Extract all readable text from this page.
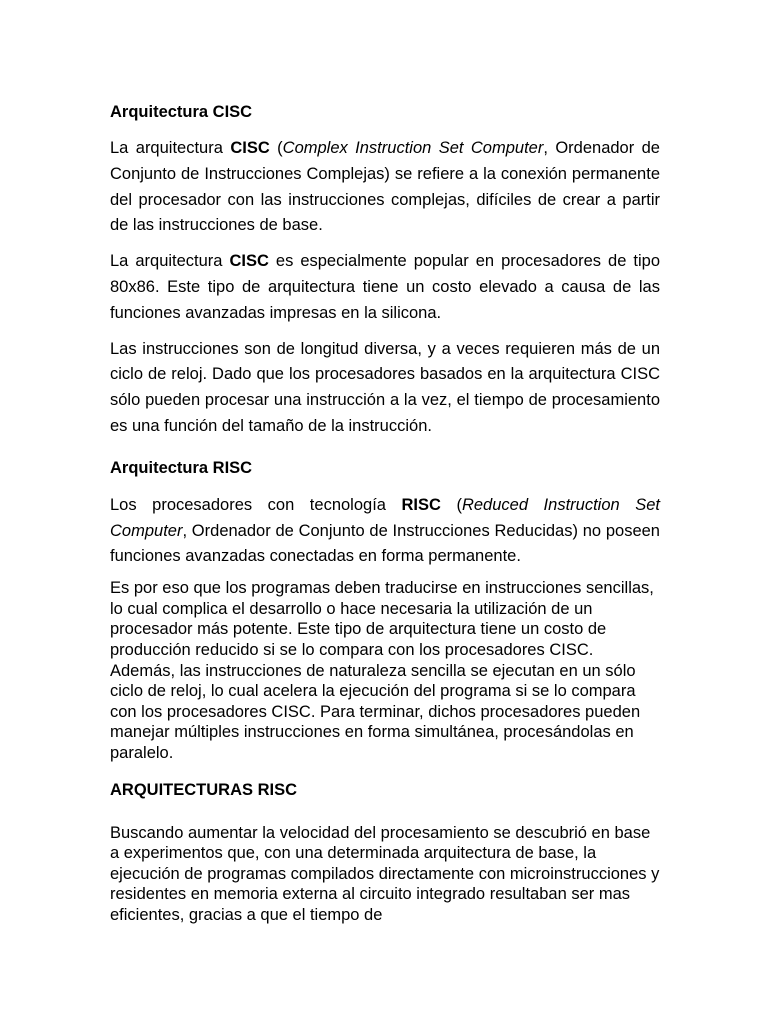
Arquitectura CISC

La arquitectura CISC (Complex Instruction Set Computer, Ordenador de Conjunto de Instrucciones Complejas) se refiere a la conexión permanente del procesador con las instrucciones complejas, difíciles de crear a partir de las instrucciones de base.

La arquitectura CISC es especialmente popular en procesadores de tipo 80x86. Este tipo de arquitectura tiene un costo elevado a causa de las funciones avanzadas impresas en la silicona.

Las instrucciones son de longitud diversa, y a veces requieren más de un ciclo de reloj. Dado que los procesadores basados en la arquitectura CISC sólo pueden procesar una instrucción a la vez, el tiempo de procesamiento es una función del tamaño de la instrucción.

Arquitectura RISC

Los procesadores con tecnología RISC (Reduced Instruction Set Computer, Ordenador de Conjunto de Instrucciones Reducidas) no poseen funciones avanzadas conectadas en forma permanente.

Es por eso que los programas deben traducirse en instrucciones sencillas, lo cual complica el desarrollo o hace necesaria la utilización de un procesador más potente. Este tipo de arquitectura tiene un costo de producción reducido si se lo compara con los procesadores CISC. Además, las instrucciones de naturaleza sencilla se ejecutan en un sólo ciclo de reloj, lo cual acelera la ejecución del programa si se lo compara con los procesadores CISC. Para terminar, dichos procesadores pueden manejar múltiples instrucciones en forma simultánea, procesándolas en paralelo.

ARQUITECTURAS RISC

Buscando aumentar la velocidad del procesamiento se descubrió en base a experimentos que, con una determinada arquitectura de base, la ejecución de programas compilados directamente con microinstrucciones y residentes en memoria externa al circuito integrado resultaban ser mas eficientes, gracias a que el tiempo de
